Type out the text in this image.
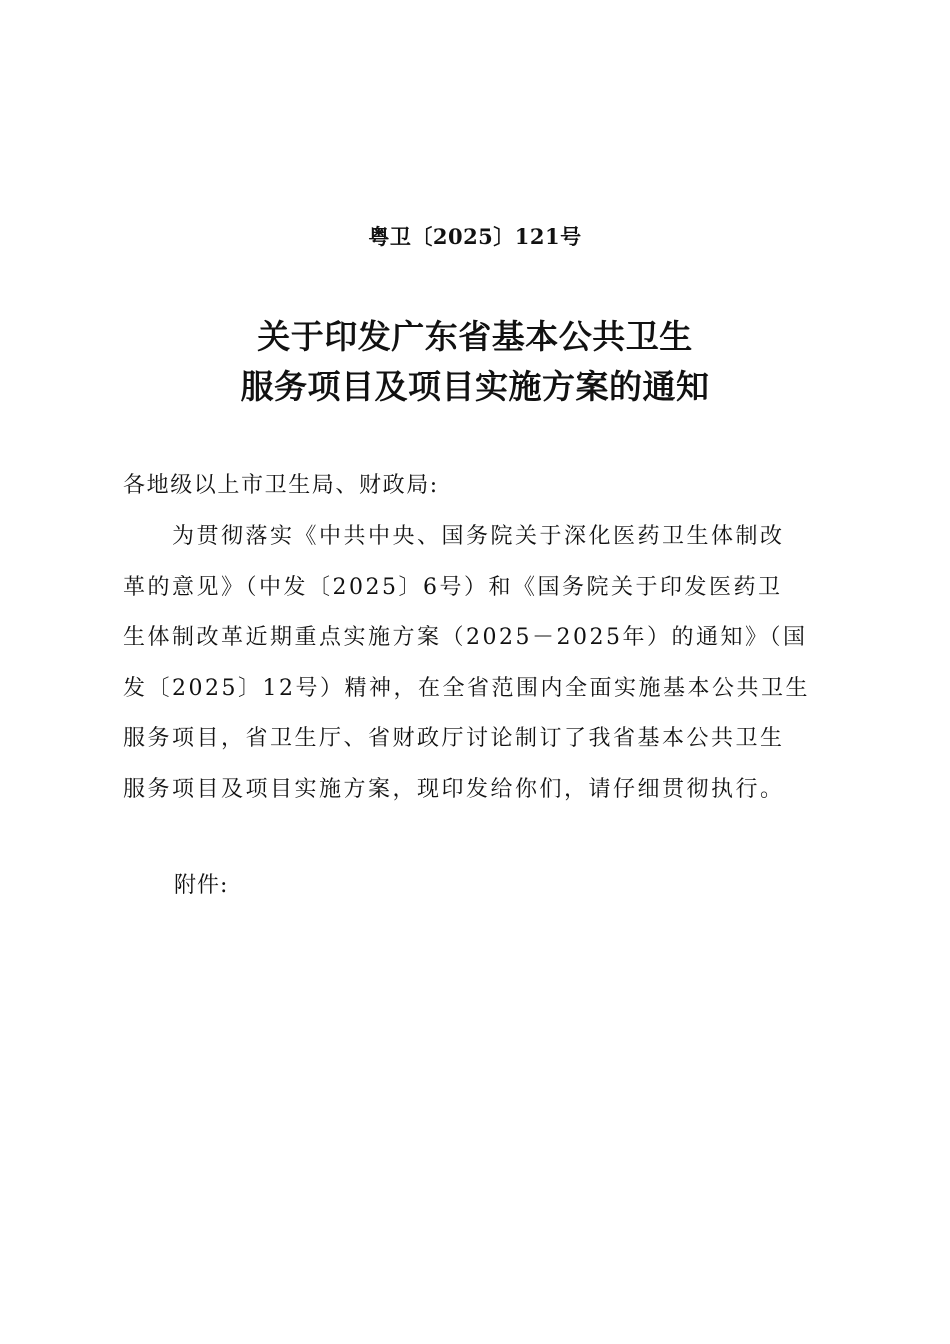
粤卫〔2025〕121号
关于印发广东省基本公共卫生
服务项目及项目实施方案的通知
各地级以上市卫生局、财政局:
为贯彻落实《中共中央、国务院关于深化医药卫生体制改
革的意见》（中发〔2025〕6号）和《国务院关于印发医药卫
生体制改革近期重点实施方案（2025－2025年）的通知》（国
发〔2025〕12号）精神，在全省范围内全面实施基本公共卫生
服务项目，省卫生厅、省财政厅讨论制订了我省基本公共卫生
服务项目及项目实施方案，现印发给你们，请仔细贯彻执行。
附件:
